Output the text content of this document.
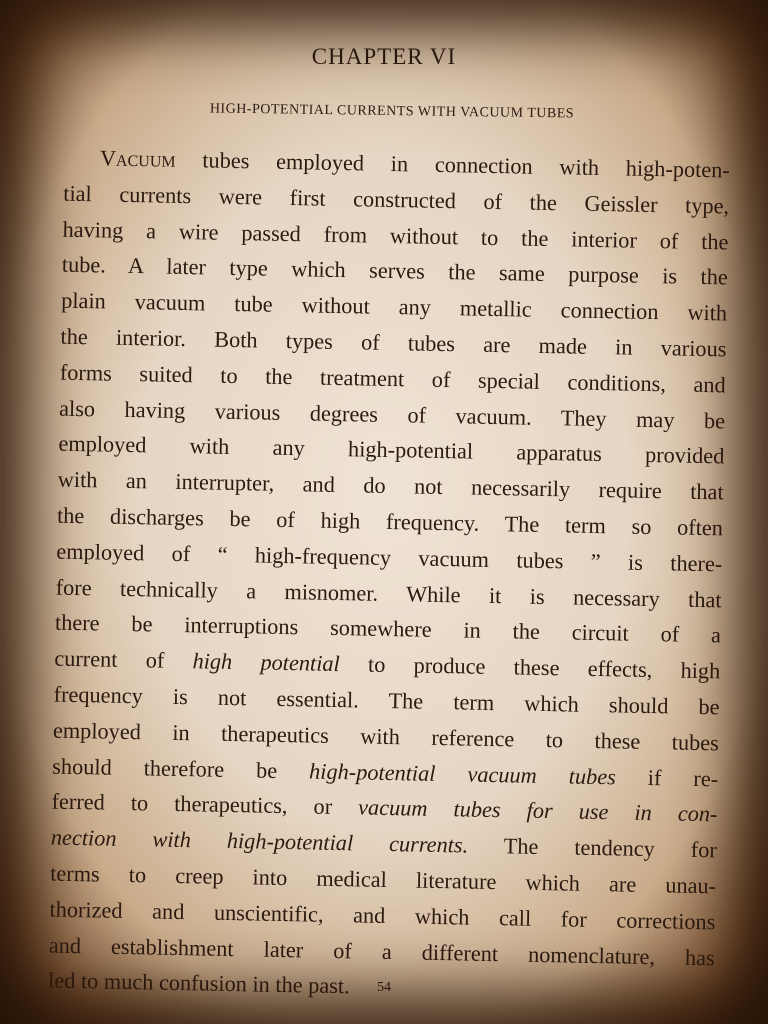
CHAPTER VI
HIGH-POTENTIAL CURRENTS WITH VACUUM TUBES
Vacuum tubes employed in connection with high-poten-
tial currents were first constructed of the Geissler type,
having a wire passed from without to the interior of the
tube. A later type which serves the same purpose is the
plain vacuum tube without any metallic connection with
the interior. Both types of tubes are made in various
forms suited to the treatment of special conditions, and
also having various degrees of vacuum. They may be
employed with any high-potential apparatus provided
with an interrupter, and do not necessarily require that
the discharges be of high frequency. The term so often
employed of “ high-frequency vacuum tubes ” is there-
fore technically a misnomer. While it is necessary that
there be interruptions somewhere in the circuit of a
current of high potential to produce these effects, high
frequency is not essential. The term which should be
employed in therapeutics with reference to these tubes
should therefore be high-potential vacuum tubes if re-
ferred to therapeutics, or vacuum tubes for use in con-
nection with high-potential currents. The tendency for
terms to creep into medical literature which are unau-
thorized and unscientific, and which call for corrections
and establishment later of a different nomenclature, has
led to much confusion in the past.	54
